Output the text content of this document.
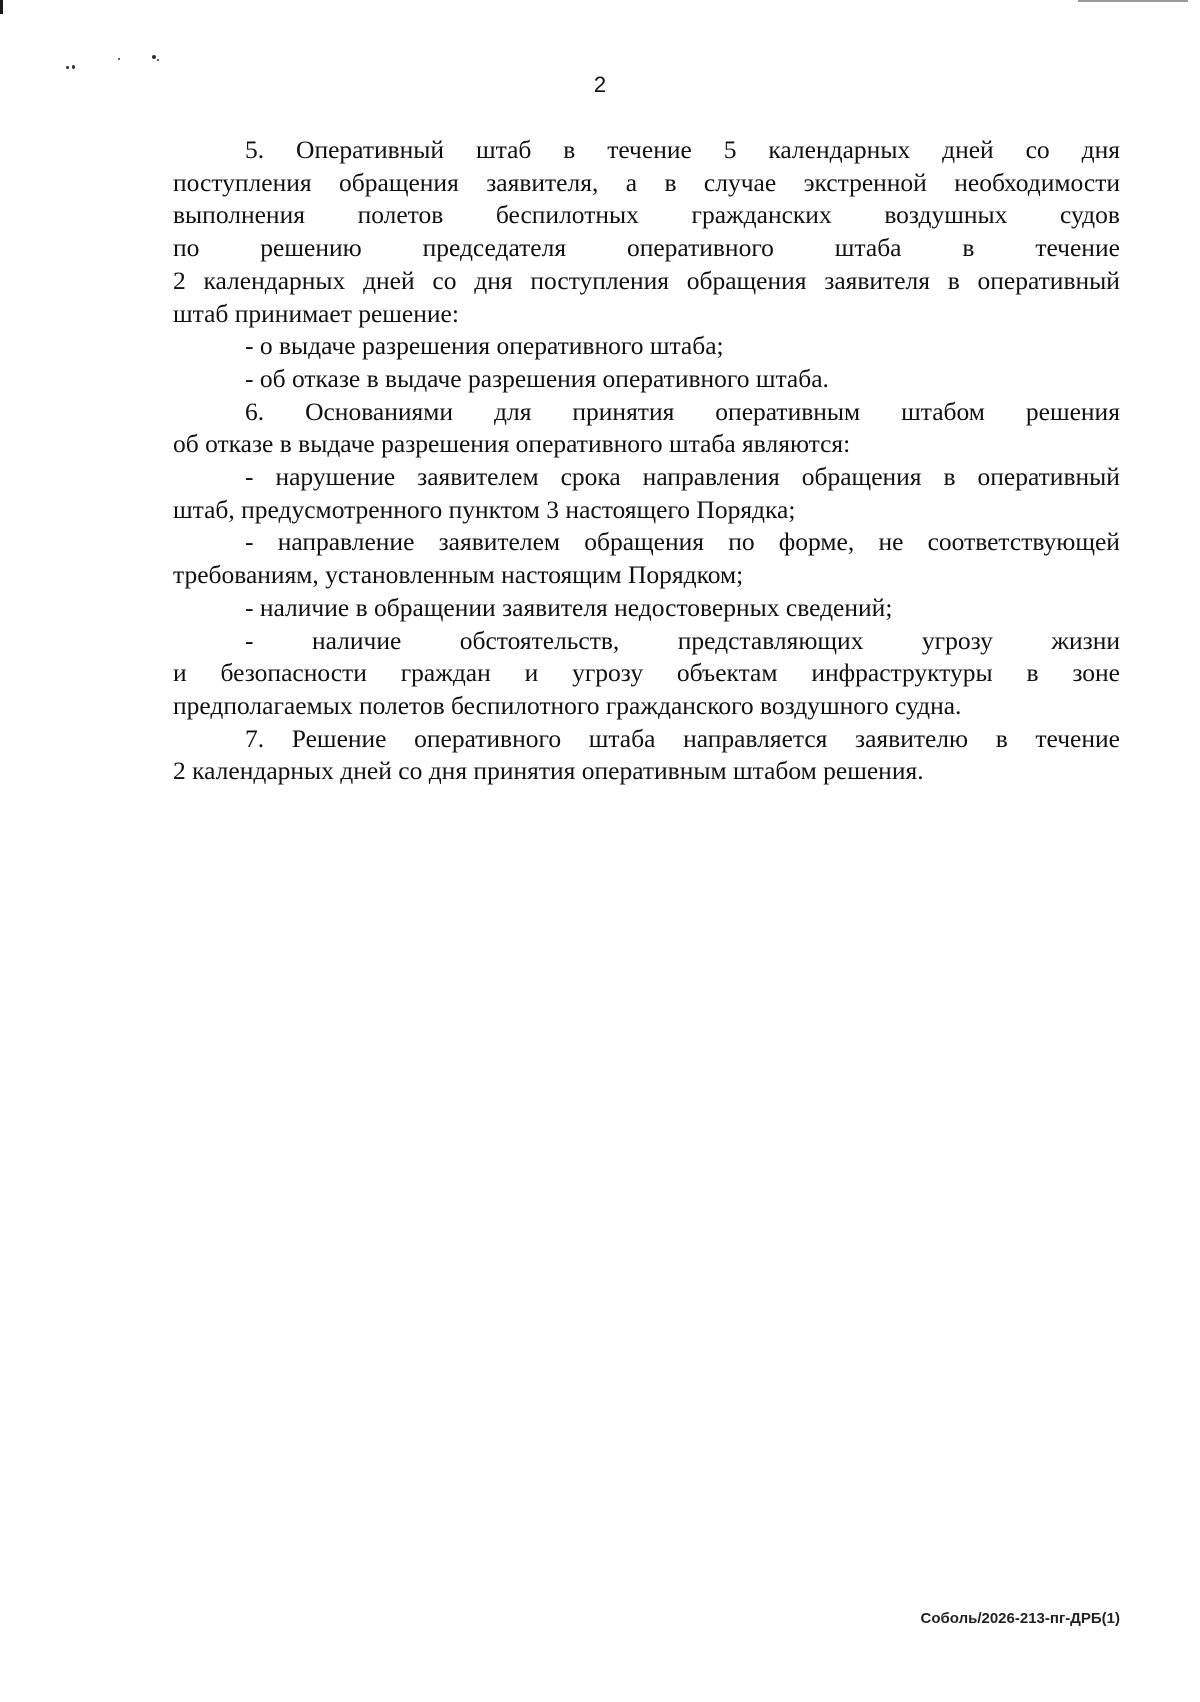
2
5. Оперативный штаб в течение 5 календарных дней со дня
поступления обращения заявителя, а в случае экстренной необходимости
выполнения полетов беспилотных гражданских воздушных судов
по решению председателя оперативного штаба в течение
2 календарных дней со дня поступления обращения заявителя в оперативный
штаб принимает решение:
- о выдаче разрешения оперативного штаба;
- об отказе в выдаче разрешения оперативного штаба.
6. Основаниями для принятия оперативным штабом решения
об отказе в выдаче разрешения оперативного штаба являются:
- нарушение заявителем срока направления обращения в оперативный
штаб, предусмотренного пунктом 3 настоящего Порядка;
- направление заявителем обращения по форме, не соответствующей
требованиям, установленным настоящим Порядком;
- наличие в обращении заявителя недостоверных сведений;
- наличие обстоятельств, представляющих угрозу жизни
и безопасности граждан и угрозу объектам инфраструктуры в зоне
предполагаемых полетов беспилотного гражданского воздушного судна.
7. Решение оперативного штаба направляется заявителю в течение
2 календарных дней со дня принятия оперативным штабом решения.
Соболь/2026-213-пг-ДРБ(1)
